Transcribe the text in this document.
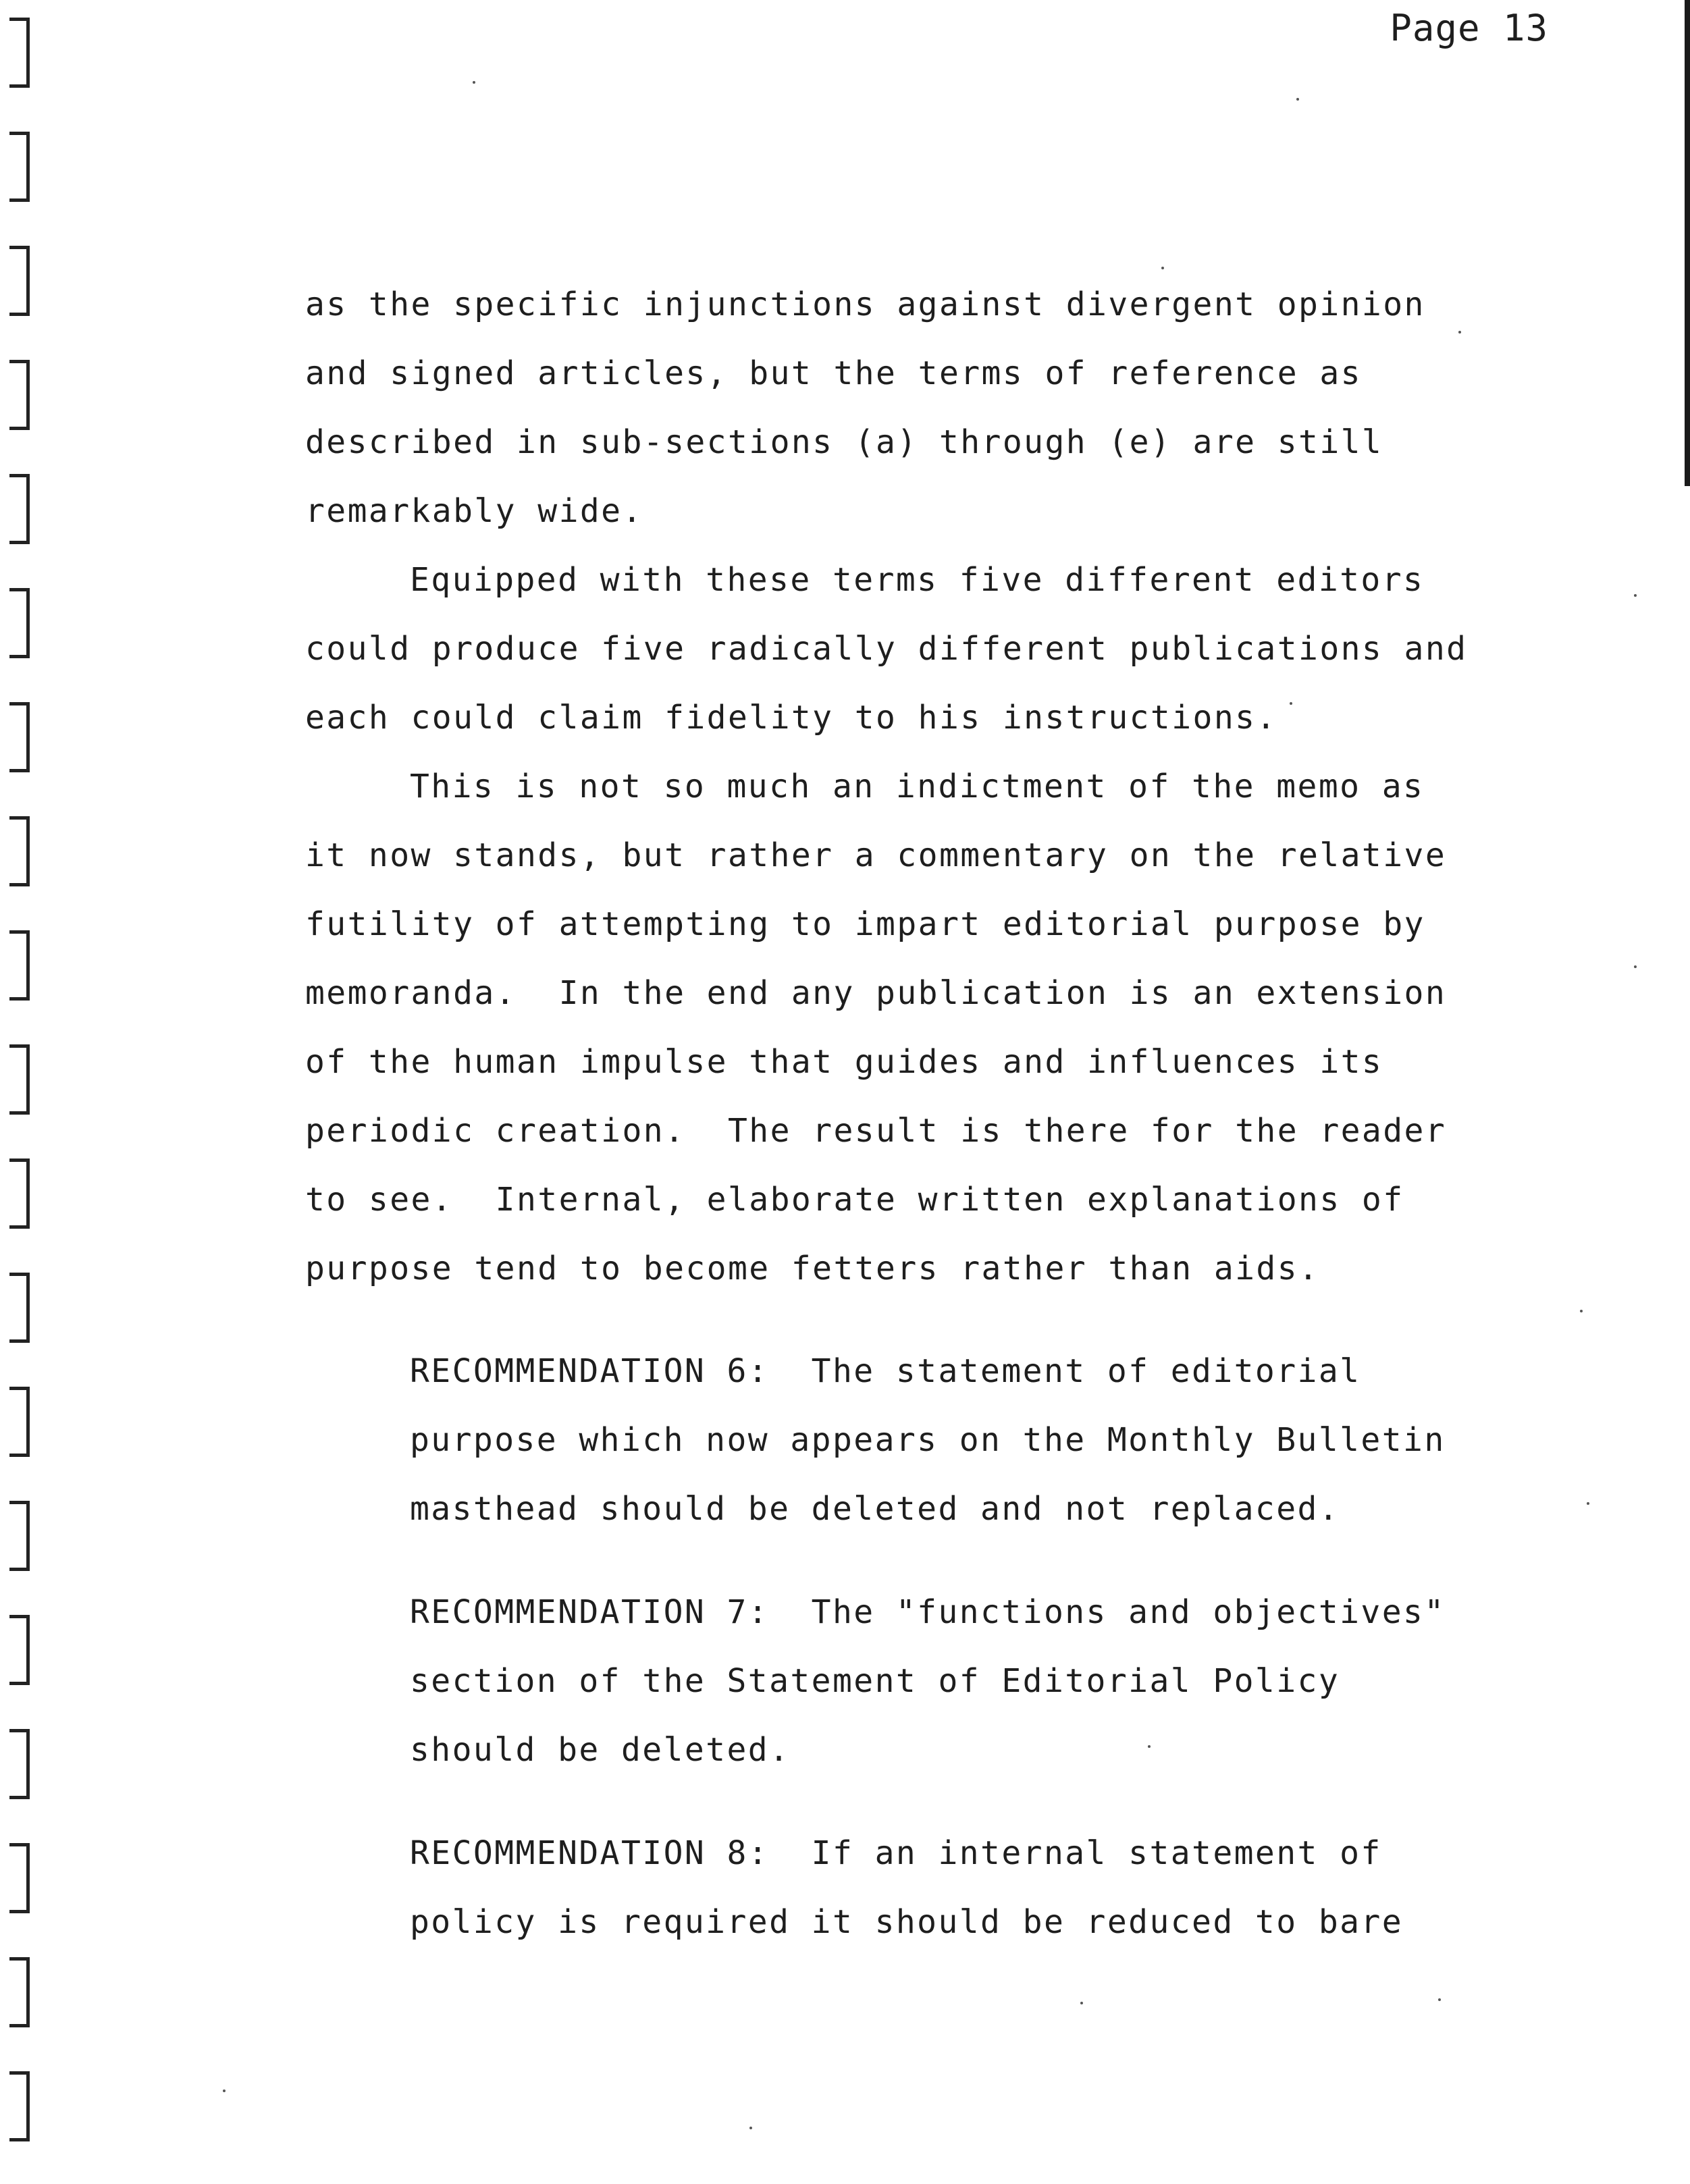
Page 13

as the specific injunctions against divergent opinion
and signed articles, but the terms of reference as
described in sub-sections (a) through (e) are still
remarkably wide.
Equipped with these terms five different editors
could produce five radically different publications and
each could claim fidelity to his instructions.
This is not so much an indictment of the memo as
it now stands, but rather a commentary on the relative
futility of attempting to impart editorial purpose by
memoranda.  In the end any publication is an extension
of the human impulse that guides and influences its
periodic creation.  The result is there for the reader
to see.  Internal, elaborate written explanations of
purpose tend to become fetters rather than aids.
RECOMMENDATION 6:  The statement of editorial
purpose which now appears on the Monthly Bulletin
masthead should be deleted and not replaced.
RECOMMENDATION 7:  The "functions and objectives"
section of the Statement of Editorial Policy
should be deleted.
RECOMMENDATION 8:  If an internal statement of
policy is required it should be reduced to bare
